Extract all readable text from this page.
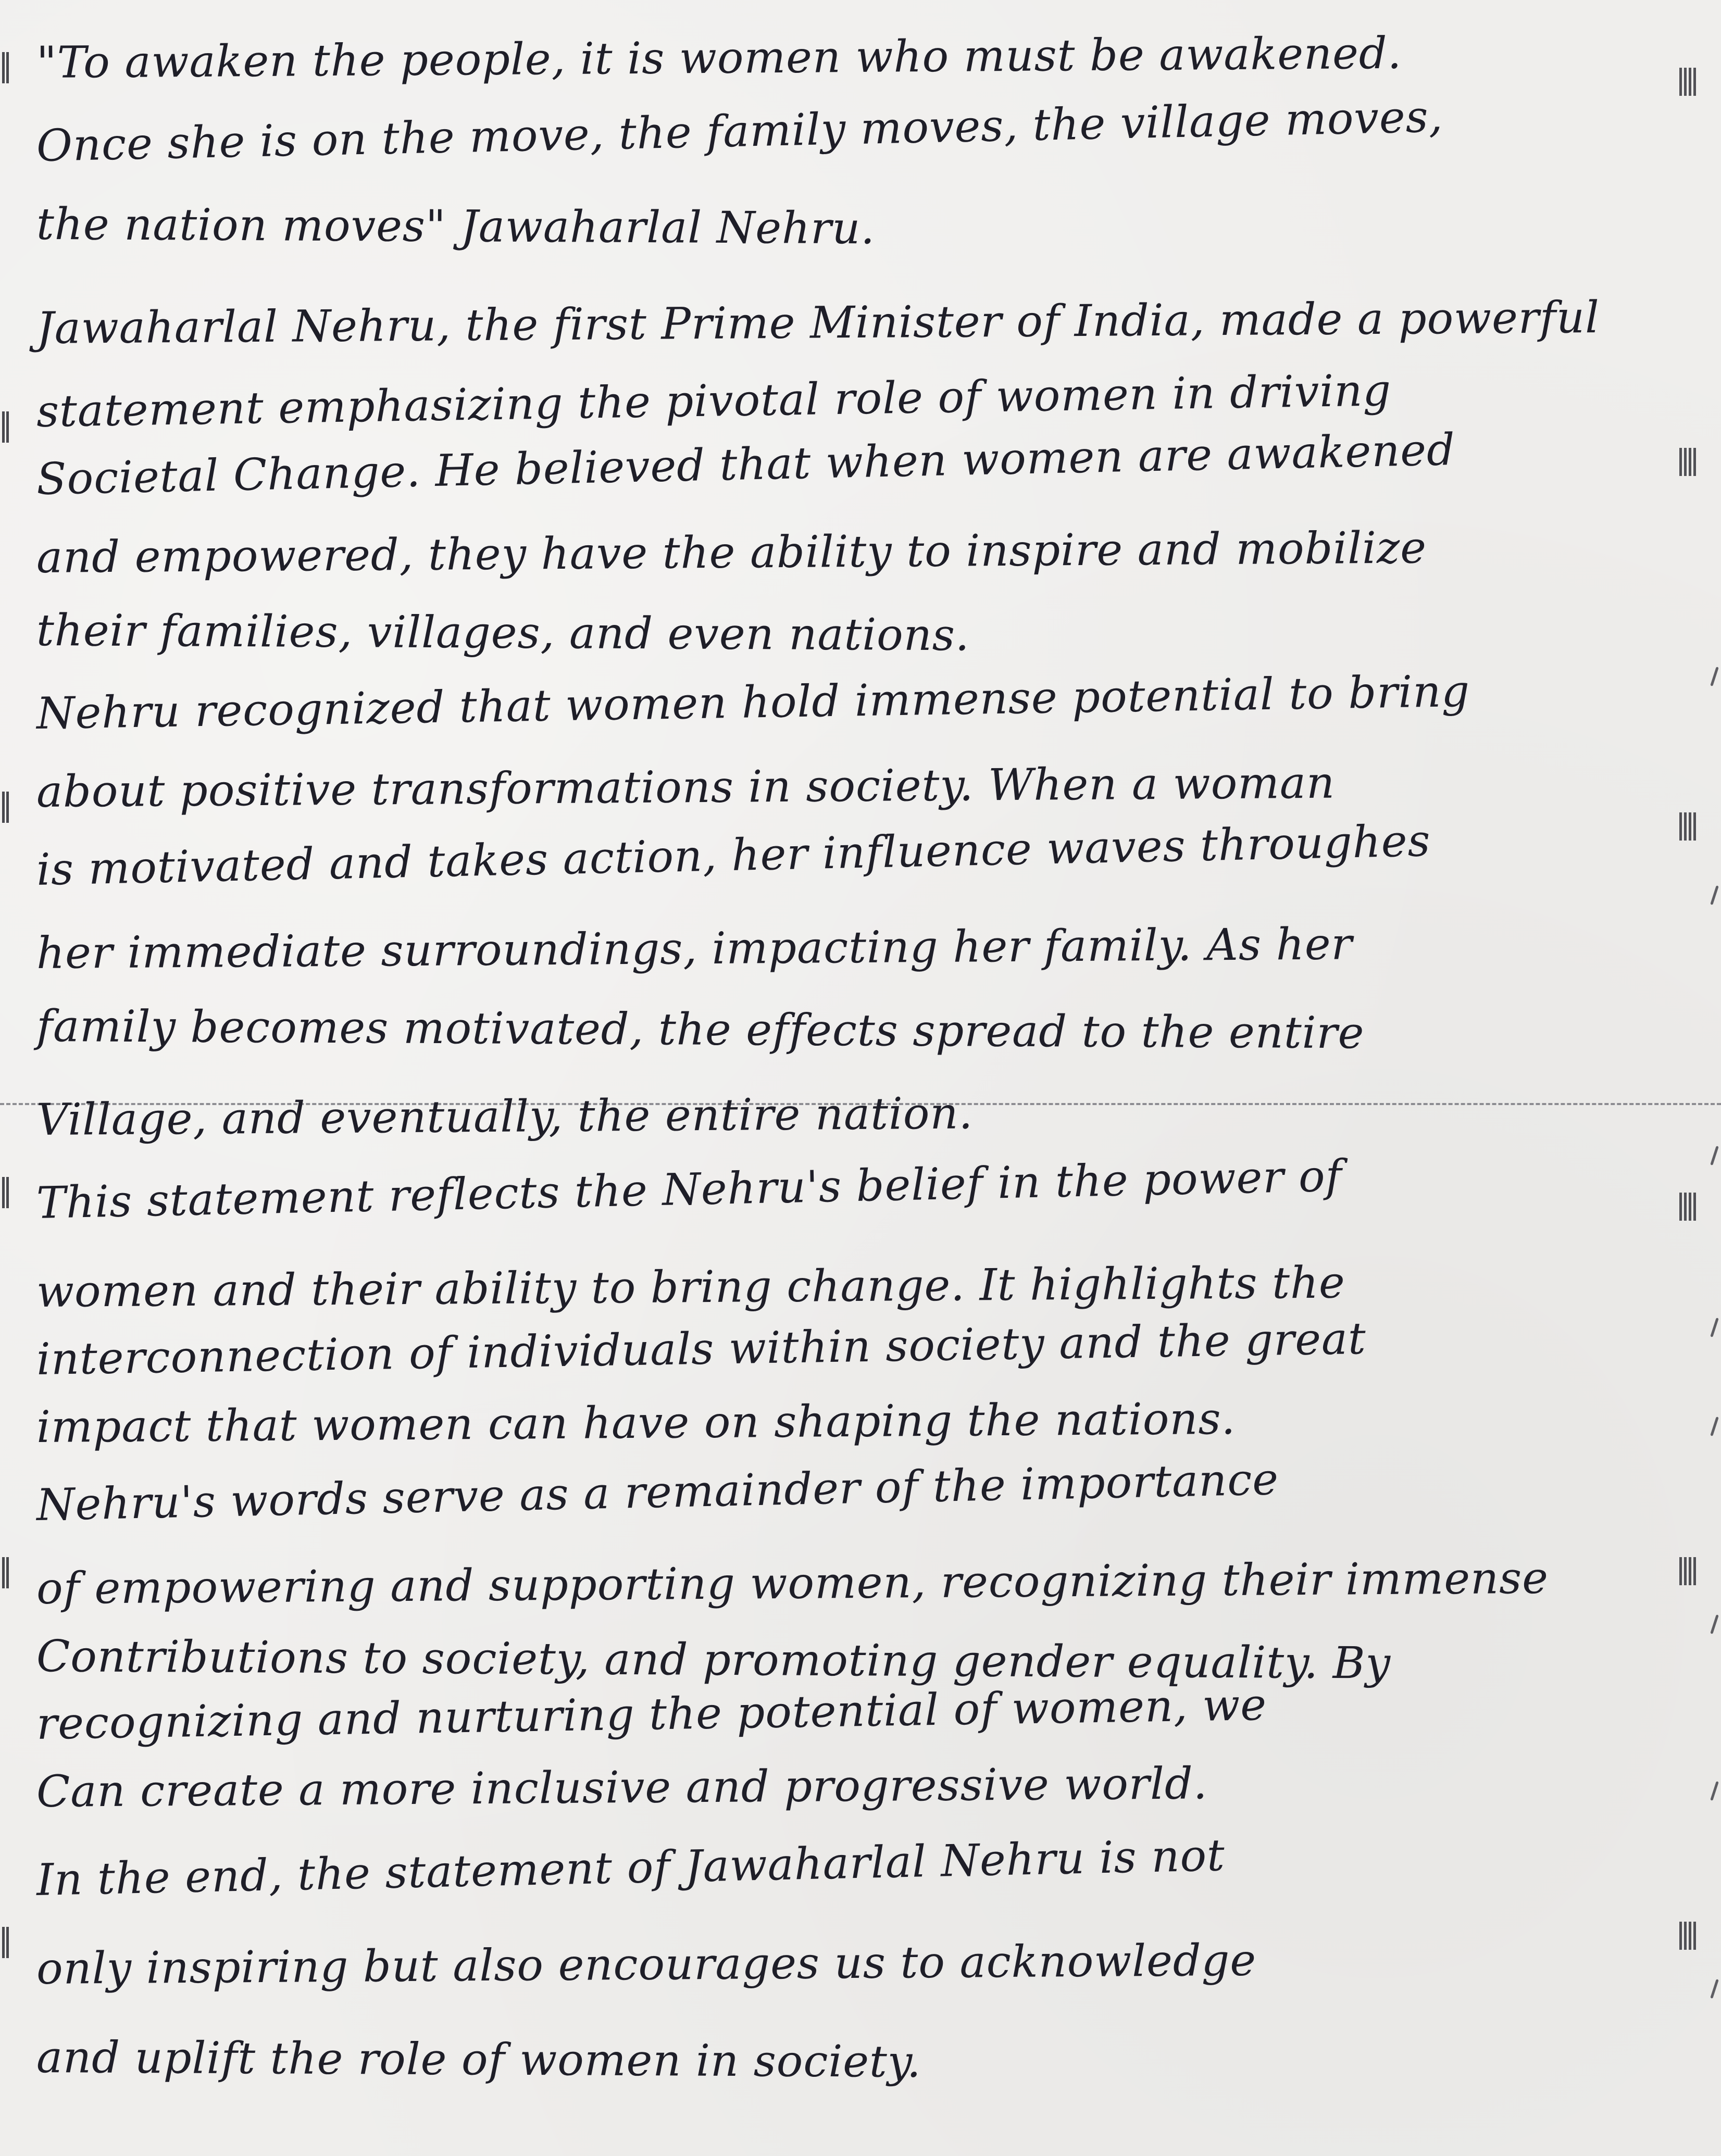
"To awaken the people, it is women who must be awakened.
Once she is on the move, the family moves, the village moves,
the nation moves" Jawaharlal Nehru.
Jawaharlal Nehru, the first Prime Minister of India, made a powerful
statement emphasizing the pivotal role of women in driving
Societal Change. He believed that when women are awakened
and empowered, they have the ability to inspire and mobilize
their families, villages, and even nations.
Nehru recognized that women hold immense potential to bring
about positive transformations in society. When a woman
is motivated and takes action, her influence waves throughes
her immediate surroundings, impacting her family. As her
family becomes motivated, the effects spread to the entire
Village, and eventually, the entire nation.
This statement reflects the Nehru's belief in the power of
women and their ability to bring change. It highlights the
interconnection of individuals within society and the great
impact that women can have on shaping the nations.
Nehru's words serve as a remainder of the importance
of empowering and supporting women, recognizing their immense
Contributions to society, and promoting gender equality. By
recognizing and nurturing the potential of women, we
Can create a more inclusive and progressive world.
In the end, the statement of Jawaharlal Nehru is not
only inspiring but also encourages us to acknowledge
and uplift the role of women in society.
